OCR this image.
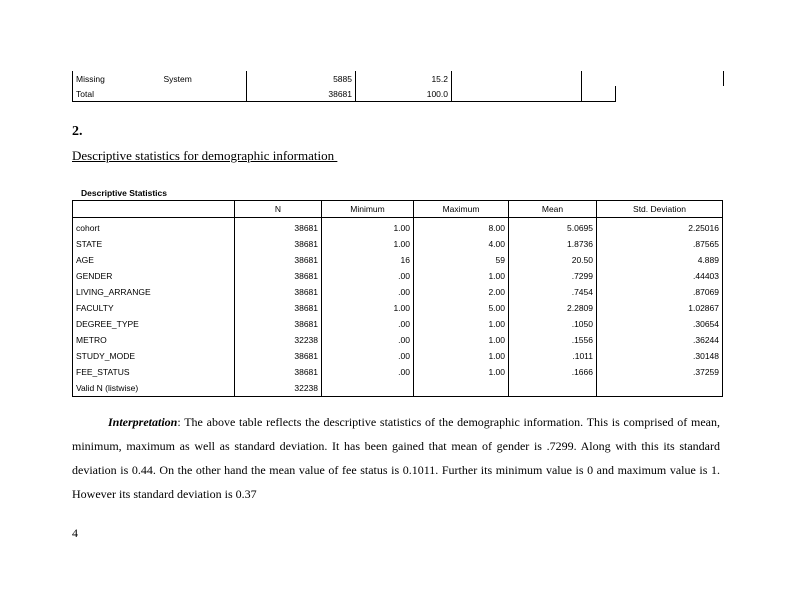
Missing	System	5885	15.2			
Total		38681	100.0			
2.
Descriptive statistics for demographic information
Descriptive Statistics
	N	Minimum	Maximum	Mean	Std. Deviation
cohort	38681	1.00	8.00	5.0695	2.25016
STATE	38681	1.00	4.00	1.8736	.87565
AGE	38681	16	59	20.50	4.889
GENDER	38681	.00	1.00	.7299	.44403
LIVING_ARRANGE	38681	.00	2.00	.7454	.87069
FACULTY	38681	1.00	5.00	2.2809	1.02867
DEGREE_TYPE	38681	.00	1.00	.1050	.30654
METRO	32238	.00	1.00	.1556	.36244
STUDY_MODE	38681	.00	1.00	.1011	.30148
FEE_STATUS	38681	.00	1.00	.1666	.37259
Valid N (listwise)	32238				

Interpretation: The above table reflects the descriptive statistics of the demographic information. This is comprised of mean, minimum, maximum as well as standard deviation. It has been gained that mean of gender is .7299. Along with this its standard deviation is 0.44. On the other hand the mean value of fee status is 0.1011. Further its minimum value is 0 and maximum value is 1. However its standard deviation is 0.37

4
